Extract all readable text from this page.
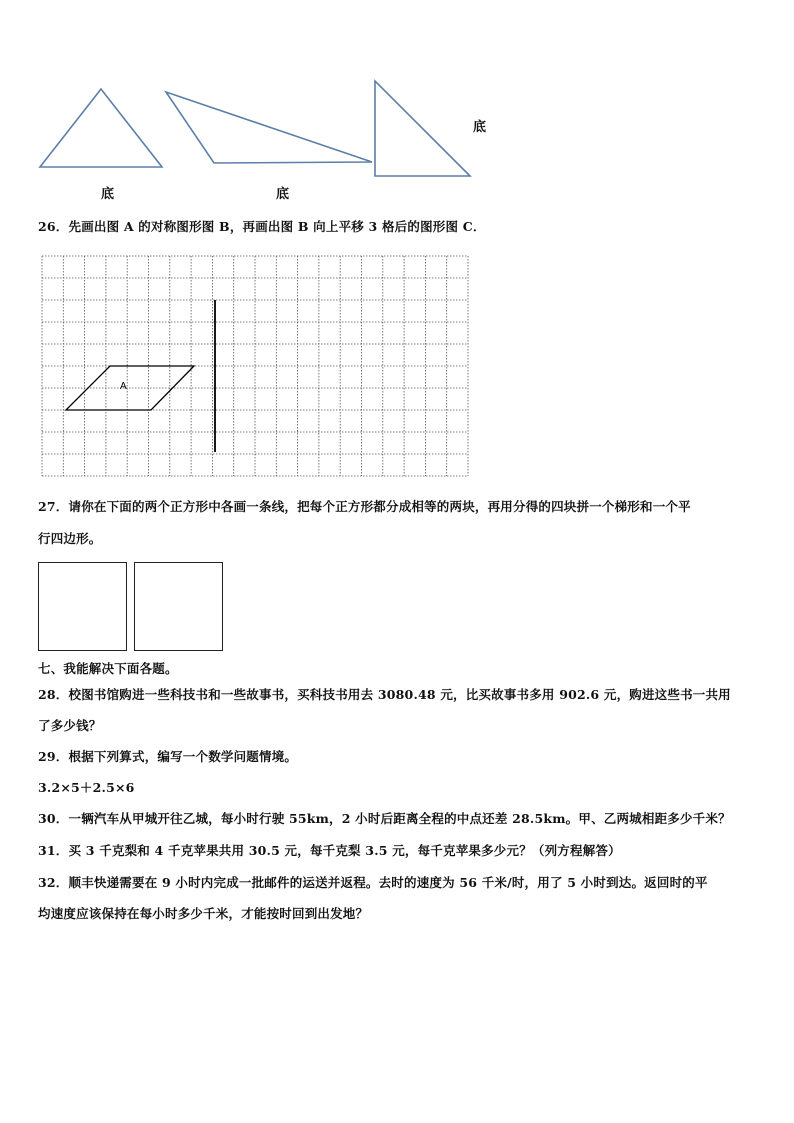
底	底
底
26．先画出图 A 的对称图形图 B，再画出图 B 向上平移 3 格后的图形图 C．
A
27．请你在下面的两个正方形中各画一条线，把每个正方形都分成相等的两块，再用分得的四块拼一个梯形和一个平
行四边形。
七、我能解决下面各题。
28．校图书馆购进一些科技书和一些故事书，买科技书用去 3080.48 元，比买故事书多用 902.6 元，购进这些书一共用
了多少钱？
29．根据下列算式，编写一个数学问题情境。
3.2×5＋2.5×6
30．一辆汽车从甲城开往乙城，每小时行驶 55km，2 小时后距离全程的中点还差 28.5km。甲、乙两城相距多少千米？
31．买 3 千克梨和 4 千克苹果共用 30.5 元，每千克梨 3.5 元，每千克苹果多少元？（列方程解答）
32．顺丰快递需要在 9 小时内完成一批邮件的运送并返程。去时的速度为 56 千米/时，用了 5 小时到达。返回时的平
均速度应该保持在每小时多少千米，才能按时回到出发地？
